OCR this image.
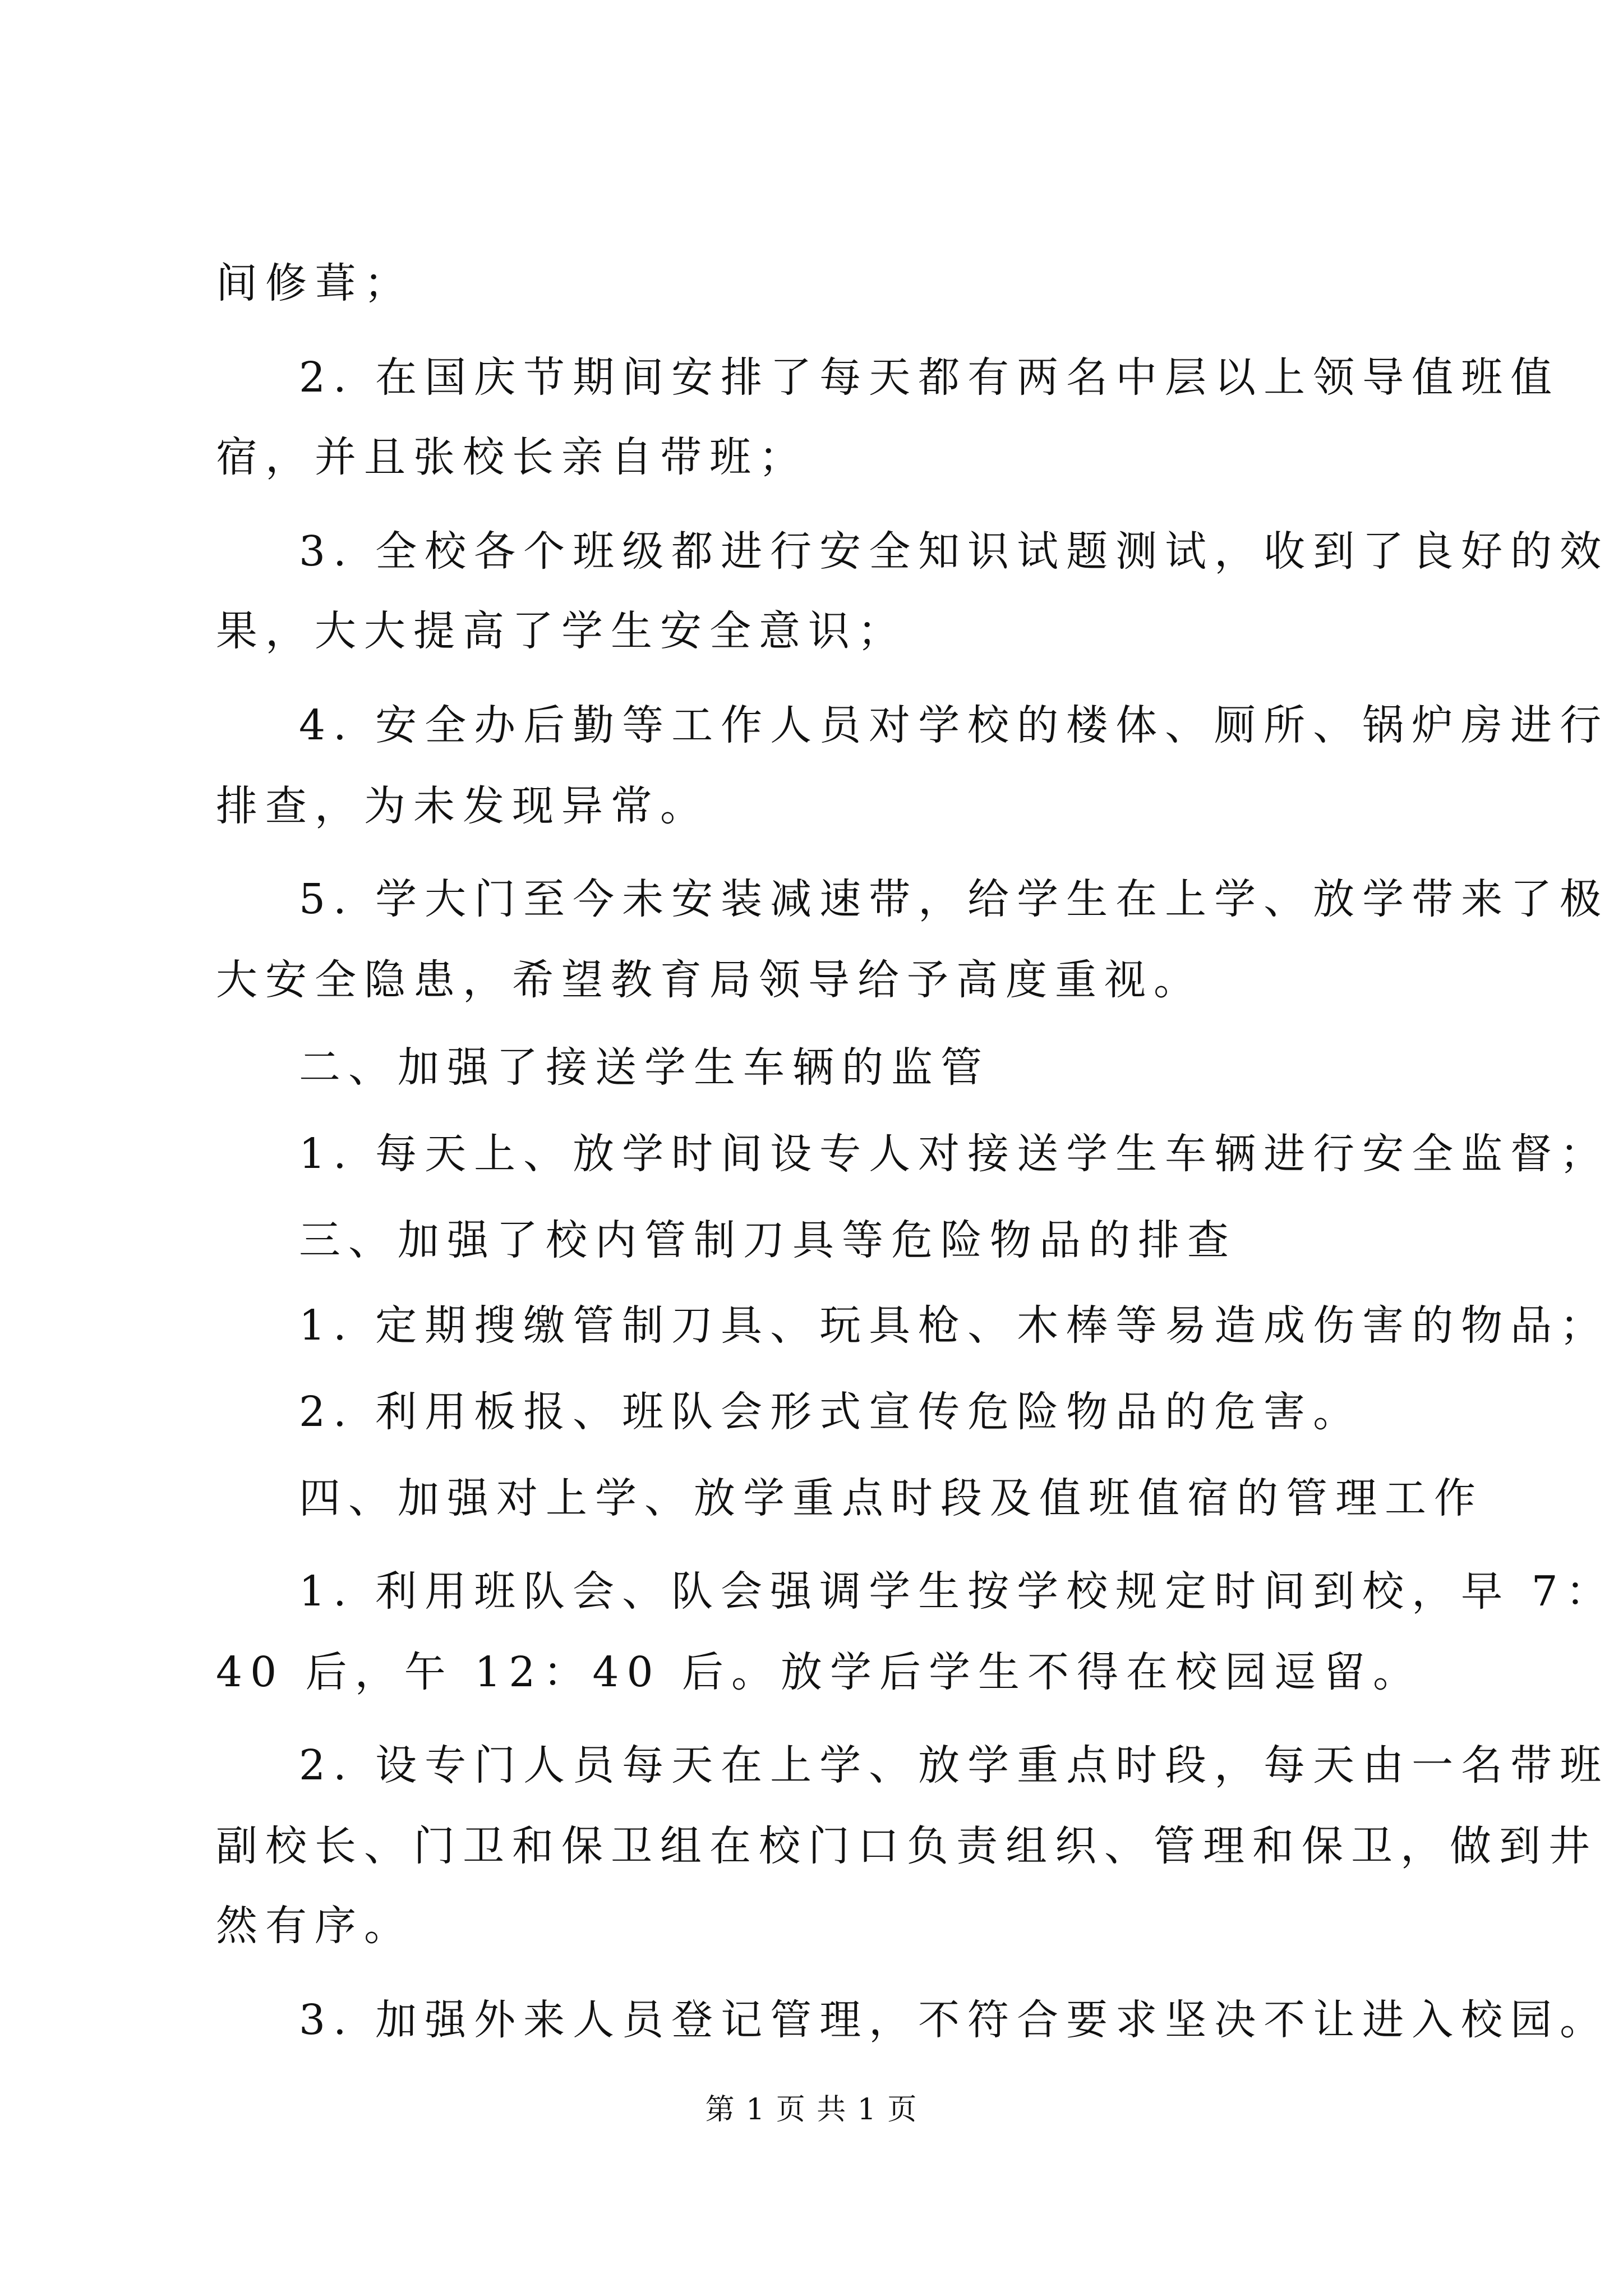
间修葺；
2. 在国庆节期间安排了每天都有两名中层以上领导值班值
宿，并且张校长亲自带班；
3. 全校各个班级都进行安全知识试题测试，收到了良好的效
果，大大提高了学生安全意识；
4. 安全办后勤等工作人员对学校的楼体、厕所、锅炉房进行
排查，为未发现异常。
5. 学大门至今未安装减速带，给学生在上学、放学带来了极
大安全隐患，希望教育局领导给予高度重视。
二、加强了接送学生车辆的监管
1. 每天上、放学时间设专人对接送学生车辆进行安全监督；
三、加强了校内管制刀具等危险物品的排查
1. 定期搜缴管制刀具、玩具枪、木棒等易造成伤害的物品；
2. 利用板报、班队会形式宣传危险物品的危害。
四、加强对上学、放学重点时段及值班值宿的管理工作
1. 利用班队会、队会强调学生按学校规定时间到校，早 7：
40 后，午 12：40 后。放学后学生不得在校园逗留。
2. 设专门人员每天在上学、放学重点时段，每天由一名带班
副校长、门卫和保卫组在校门口负责组织、管理和保卫，做到井
然有序。
3. 加强外来人员登记管理，不符合要求坚决不让进入校园。
第 1 页 共 1 页
